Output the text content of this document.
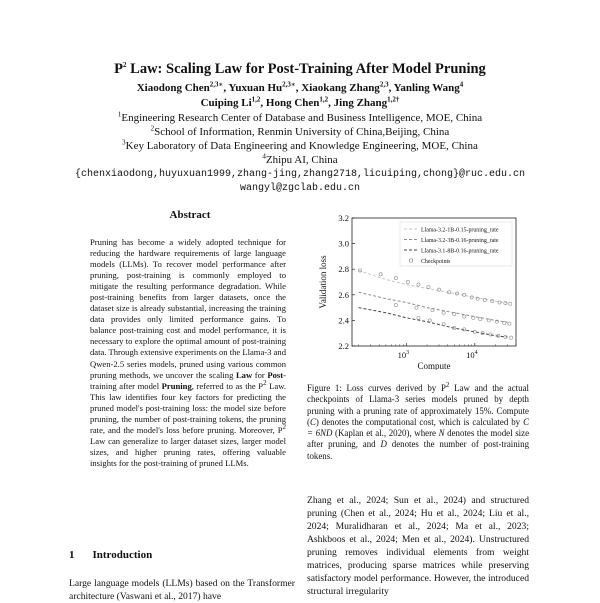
$P^2$ Law: Scaling Law for Post-Training After Model Pruning
Xiaodong Chen$^{2,3∗}$, Yuxuan $Hu^{2,3∗}$, Xiaokang Zhang$^{2,3}$, Yanling Wang$^4$
Cuiping Li$^{1,2}$, Hong Chen$^{1,2}$, Jing Zhang$^{1,2\dagger}$
$^1$Engineering Research Center of Database and Business Intelligence, MOE, China
$^2$School of Information, Renmin University of China,Beijing, China
$^3$Key Laboratory of Data Engineering and Knowledge Engineering, MOE, China
$^4$Zhipu AI, China
{chenxiaodong,huyuxuan1999,zhang-jing,zhang2718,licuiping,chong}@ruc.edu.cn
wangyl@zgclab.edu.cn
Abstract

Pruning has become a widely adopted technique for reducing the hardware requirements of large language models (LLMs). To recover model performance after pruning, post-training is commonly employed to mitigate the resulting performance degradation. While post-training benefits from larger datasets, once the dataset size is already substantial, increasing the training data provides only limited performance gains. To balance post-training cost and model performance, it is necessary to explore the optimal amount of post-training data. Through extensive experiments on the Llama-3 and Qwen-2.5 series models, pruned using various common pruning methods, we uncover the scaling Law for Post-training after model Pruning, referred to as the $P^2$ Law. This law identifies four key factors for predicting the pruned model's post-training loss: the model size before pruning, the number of post-training tokens, the pruning rate, and the model's loss before pruning. Moreover, $P^2$ Law can generalize to larger dataset sizes, larger model sizes, and higher pruning rates, offering valuable insights for the post-training of pruned LLMs.

1 Introduction
Large language models (LLMs) based on the Transformer architecture (Vaswani et al., 2017) have
2.2
2.4
2.6
2.8
3.0
3.2
$10^3$	$10^4$
Compute
Validation loss
Llama-3.2-1B-0.15-pruning_rate
Llama-3.2-3B-0.16-pruning_rate
Llama-3.1-8B-0.16-pruning_rate
Checkpoints
Figure 1: Loss curves derived by $P^2$ Law and the actual checkpoints of Llama-3 series models pruned by depth pruning with a pruning rate of approximately 15%. Compute (C) denotes the computational cost, which is calculated by C = 6ND (Kaplan et al., 2020), where N denotes the model size after pruning, and D denotes the number of post-training tokens.
Zhang et al., 2024; Sun et al., 2024) and structured pruning (Chen et al., 2024; Hu et al., 2024; Liu et al., 2024; Muralidharan et al., 2024; Ma et al., 2023; Ashkboos et al., 2024; Men et al., 2024). Unstructured pruning removes individual elements from weight matrices, producing sparse matrices while preserving satisfactory model performance. However, the introduced structural irregularity
